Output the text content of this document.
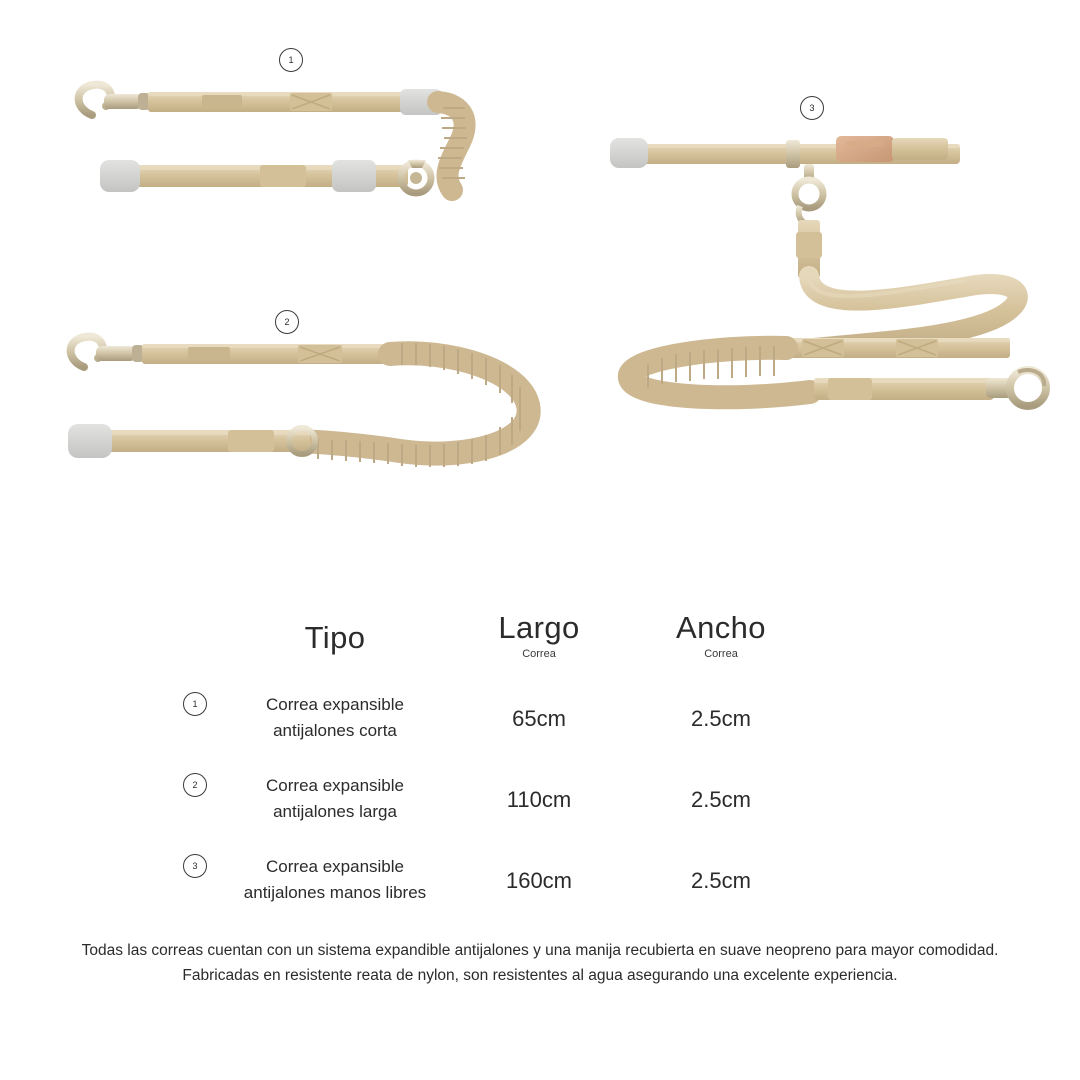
1
2
3
Tipo	Largo
Correa
Ancho
Correa
1	Correa expansible
antijalones corta	65cm	2.5cm
2	Correa expansible
antijalones larga	110cm	2.5cm
3	Correa expansible
antijalones manos libres	160cm	2.5cm
Todas las correas cuentan con un sistema expandible antijalones y una manija recubierta en suave neopreno para mayor comodidad. Fabricadas en resistente reata de nylon, son resistentes al agua asegurando una excelente experiencia.
